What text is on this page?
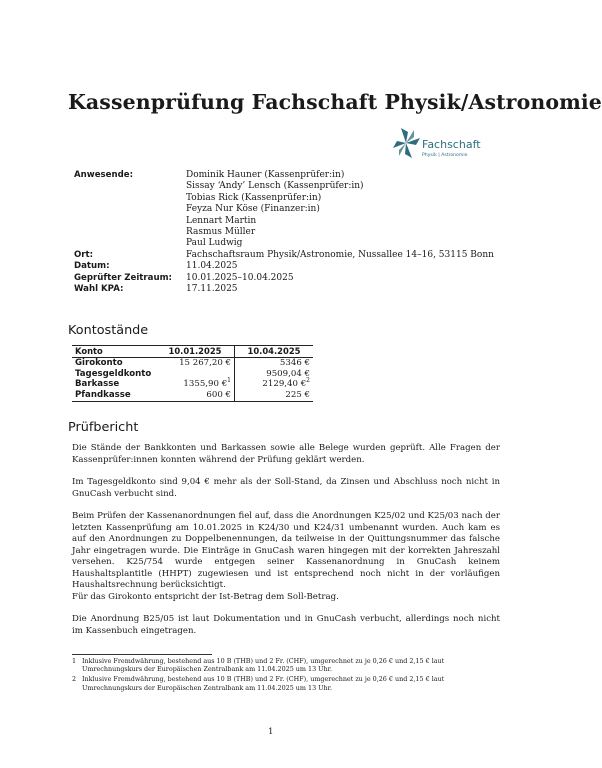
Kassenprüfung Fachschaft Physik/Astronomie
Fachschaft
Physik | Astronomie
Anwesende:	Dominik Hauner (Kassenprüfer:in)
Sissay ‘Andy’ Lensch (Kassenprüfer:in)
Tobias Rick (Kassenprüfer:in)
Feyza Nur Köse (Finanzer:in)
Lennart Martin
Rasmus Müller
Paul Ludwig
Ort:	Fachschaftsraum Physik/Astronomie, Nussallee 14–16, 53115 Bonn
Datum:	11.04.2025
Geprüfter Zeitraum:	10.01.2025–10.04.2025
Wahl KPA:	17.11.2025
Kontostände
Konto	10.01.2025	10.04.2025
Girokonto	15 267,20 €	5346 €
Tagesgeldkonto		9509,04 €
Barkasse	1355,90 €$^1$	2129,40 €$^2$
Pfandkasse	600 €	225 €
Prüfbericht

Die Stände der Bankkonten und Barkassen sowie alle Belege wurden geprüft. Alle Fragen der Kassenprüfer:innen konnten während der Prüfung geklärt werden.

Im Tagesgeldkonto sind 9,04 € mehr als der Soll-Stand, da Zinsen und Abschluss noch nicht in GnuCash verbucht sind.

Beim Prüfen der Kassenanordnungen fiel auf, dass die Anordnungen K25/02 und K25/03 nach der letzten Kassenprüfung am 10.01.2025 in K24/30 und K24/31 umbenannt wurden. Auch kam es auf den Anordnungen zu Doppelbenennungen, da teilweise in der Quittungsnummer das falsche Jahr eingetragen wurde. Die Einträge in GnuCash waren hingegen mit der korrekten Jahreszahl versehen. K25/754 wurde entgegen seiner Kassenanordnung in GnuCash keinem Haushaltsplantitle (HHPT) zugewiesen und ist entsprechend noch nicht in der vorläufigen Haushaltsrechnung berücksichtigt.
Für das Girokonto entspricht der Ist-Betrag dem Soll-Betrag.

Die Anordnung B25/05 ist laut Dokumentation und in GnuCash verbucht, allerdings noch nicht im Kassenbuch eingetragen.

1 Inklusive Fremdwährung, bestehend aus 10 B (THB) und 2 Fr. (CHF), umgerechnet zu je 0,26 € und 2,15 € laut Umrechnungskurs der Europäischen Zentralbank am 11.04.2025 um 13 Uhr.
2 Inklusive Fremdwährung, bestehend aus 10 B (THB) und 2 Fr. (CHF), umgerechnet zu je 0,26 € und 2,15 € laut Umrechnungskurs der Europäischen Zentralbank am 11.04.2025 um 13 Uhr.
1
